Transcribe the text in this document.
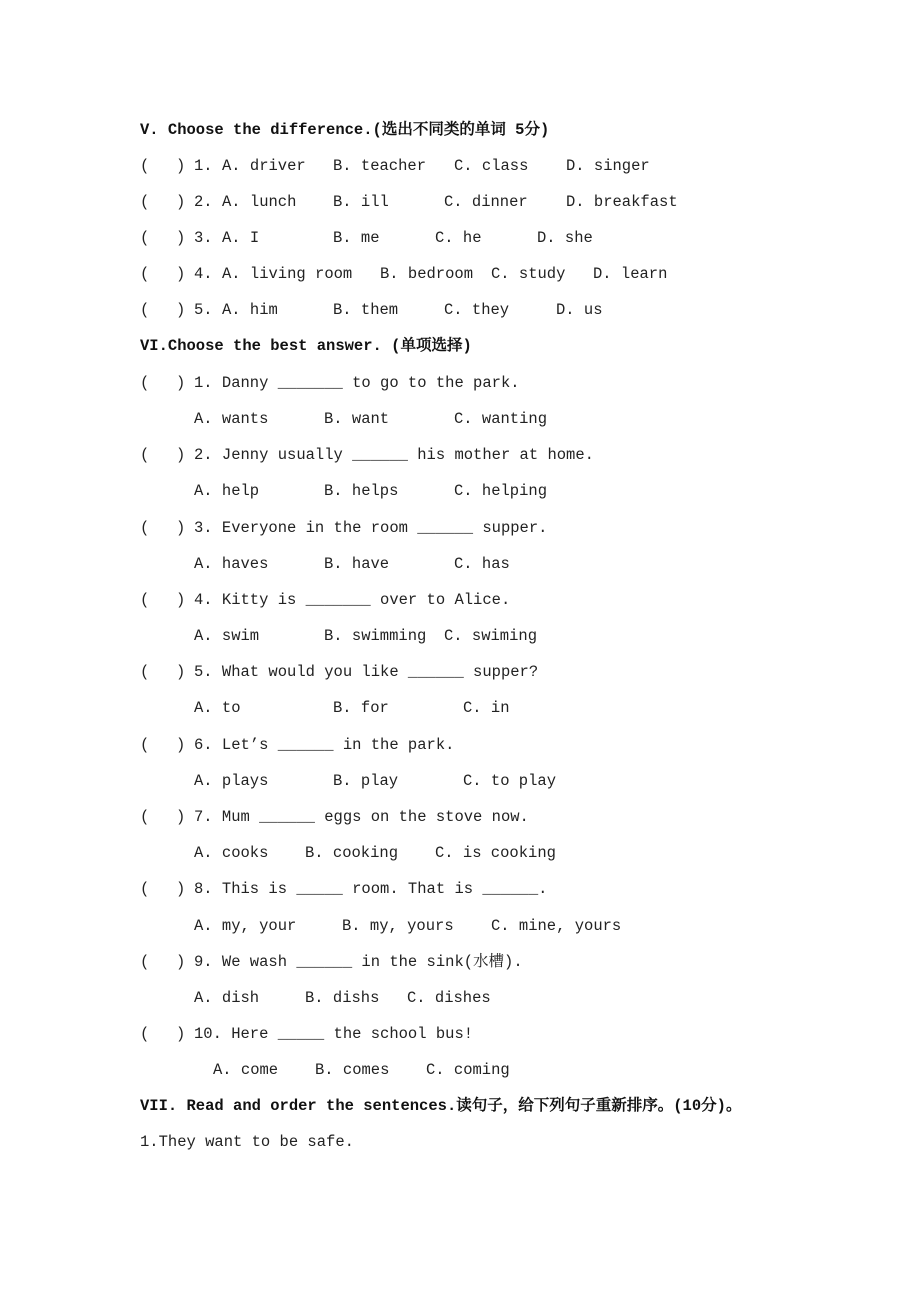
V. Choose the difference.(选出不同类的单词 5分)
( ) 1. A. driver B. teacher C. class D. singer
( ) 2. A. lunch B. ill	C. dinner D. breakfast
( ) 3. A. I	B. me	C. he	D. she
( ) 4. A. living room B. bedroom C. study D. learn
( ) 5. A. him	B. them	C. they	D. us
VI.Choose the best answer. (单项选择)
( ) 1. Danny _______ to go to the park.
A. wants	B. want	C. wanting
( ) 2. Jenny usually ______ his mother at home.
A. help	B. helps	C. helping
( ) 3. Everyone in the room ______ supper.
A. haves	B. have	C. has
( ) 4. Kitty is _______ over to Alice.
A. swim	B. swimming C. swiming
( ) 5. What would you like ______ supper?
A. to	B. for	C. in
( ) 6. Let’s ______ in the park.
A. plays	B. play	C. to play
( ) 7. Mum ______ eggs on the stove now.
A. cooks B. cooking C. is cooking
( ) 8. This is _____ room. That is ______.
A. my, your	B. my, yours C. mine, yours
( ) 9. We wash ______ in the sink(水槽).
A. dish	B. dishs C. dishes
( ) 10. Here _____ the school bus!
A. come B. comes C. coming
VII. Read and order the sentences.读句子，给下列句子重新排序。(10分)。
1.They want to be safe.
